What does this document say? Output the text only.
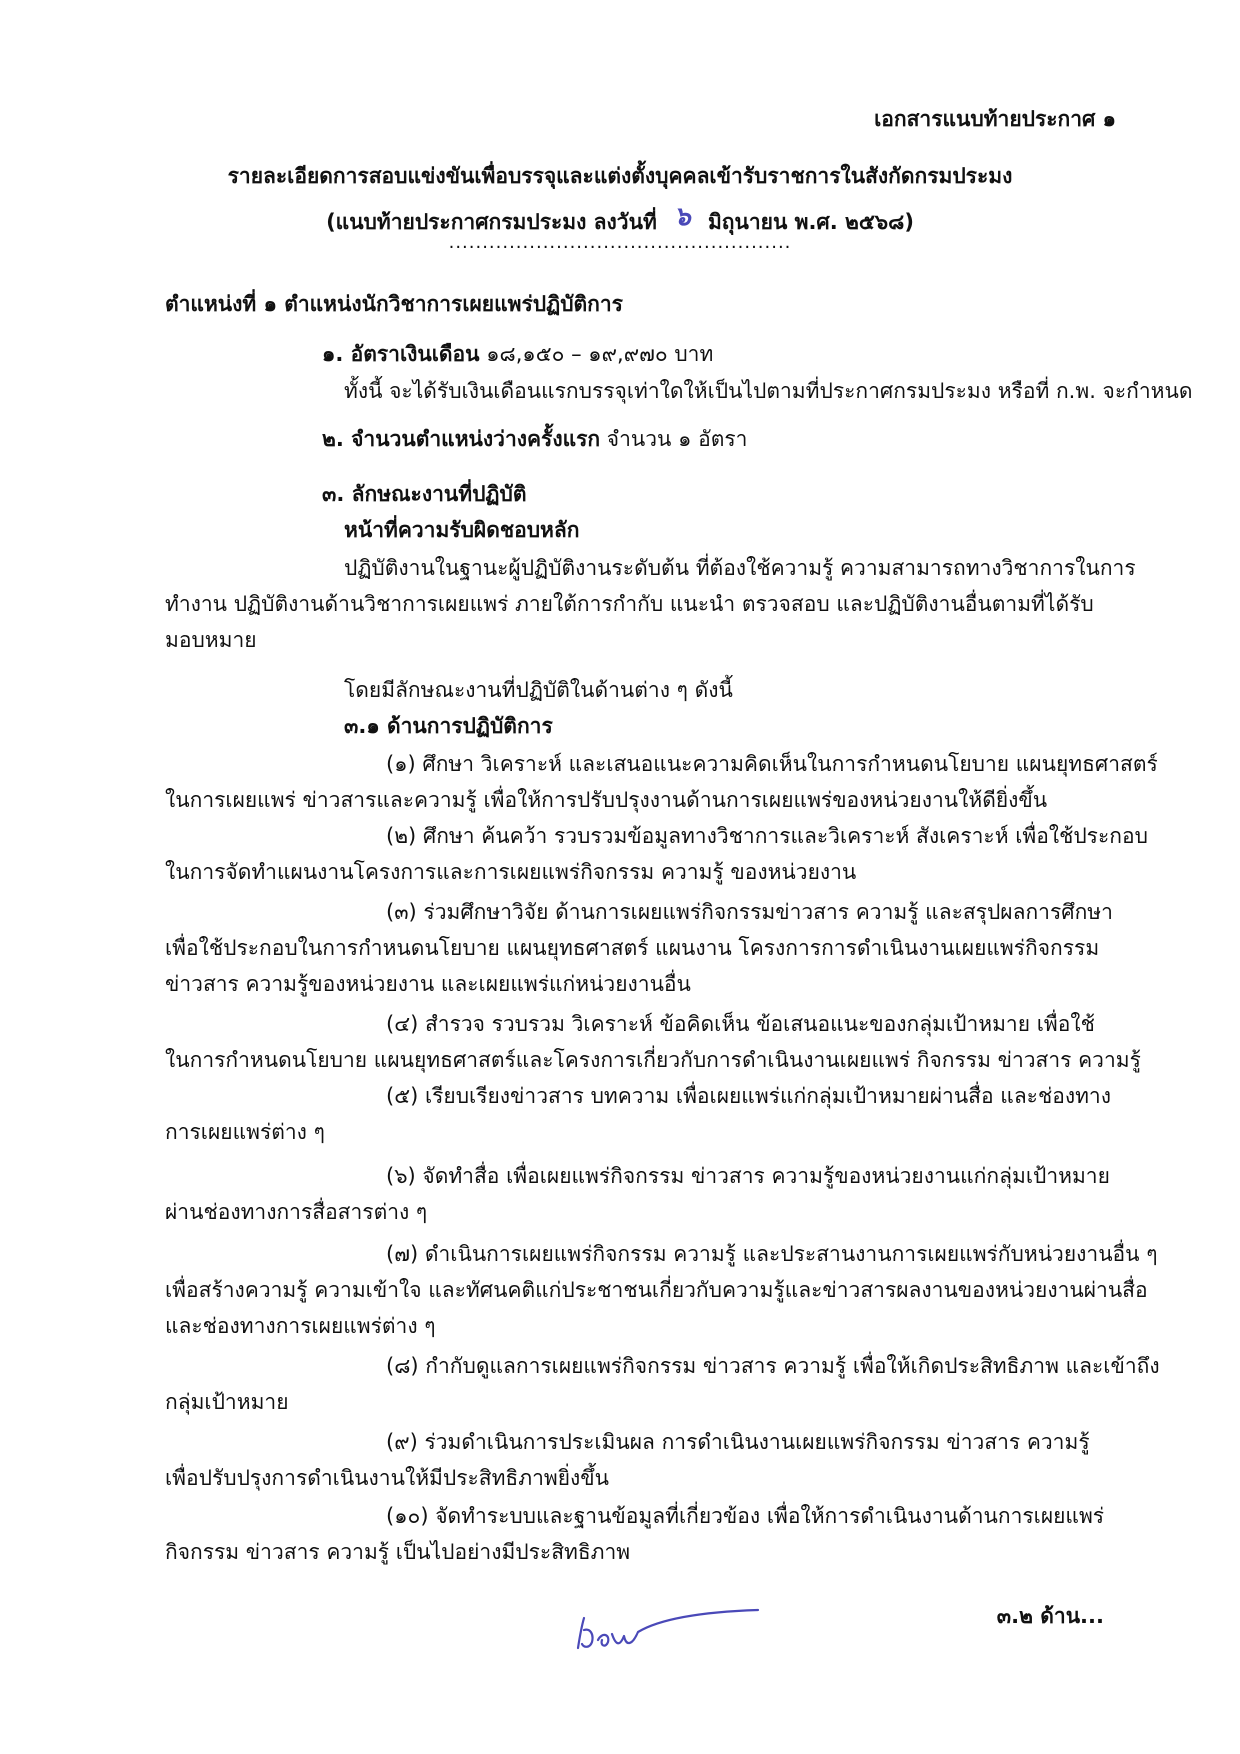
เอกสารแนบท้ายประกาศ ๑
รายละเอียดการสอบแข่งขันเพื่อบรรจุและแต่งตั้งบุคคลเข้ารับราชการในสังกัดกรมประมง
(แนบท้ายประกาศกรมประมง ลงวันที่ ๖ มิถุนายน พ.ศ. ๒๕๖๘)
...................................................
ตำแหน่งที่ ๑ ตำแหน่งนักวิชาการเผยแพร่ปฏิบัติการ
๑. อัตราเงินเดือน ๑๘,๑๕๐ – ๑๙,๙๗๐ บาท
ทั้งนี้ จะได้รับเงินเดือนแรกบรรจุเท่าใดให้เป็นไปตามที่ประกาศกรมประมง หรือที่ ก.พ. จะกำหนด
๒. จำนวนตำแหน่งว่างครั้งแรก จำนวน ๑ อัตรา
๓. ลักษณะงานที่ปฏิบัติ
หน้าที่ความรับผิดชอบหลัก
ปฏิบัติงานในฐานะผู้ปฏิบัติงานระดับต้น ที่ต้องใช้ความรู้ ความสามารถทางวิชาการในการ
ทำงาน ปฏิบัติงานด้านวิชาการเผยแพร่ ภายใต้การกำกับ แนะนำ ตรวจสอบ และปฏิบัติงานอื่นตามที่ได้รับ
มอบหมาย
โดยมีลักษณะงานที่ปฏิบัติในด้านต่าง ๆ ดังนี้
๓.๑ ด้านการปฏิบัติการ
(๑) ศึกษา วิเคราะห์ และเสนอแนะความคิดเห็นในการกำหนดนโยบาย แผนยุทธศาสตร์
ในการเผยแพร่ ข่าวสารและความรู้ เพื่อให้การปรับปรุงงานด้านการเผยแพร่ของหน่วยงานให้ดียิ่งขึ้น
(๒) ศึกษา ค้นคว้า รวบรวมข้อมูลทางวิชาการและวิเคราะห์ สังเคราะห์ เพื่อใช้ประกอบ
ในการจัดทำแผนงานโครงการและการเผยแพร่กิจกรรม ความรู้ ของหน่วยงาน
(๓) ร่วมศึกษาวิจัย ด้านการเผยแพร่กิจกรรมข่าวสาร ความรู้ และสรุปผลการศึกษา
เพื่อใช้ประกอบในการกำหนดนโยบาย แผนยุทธศาสตร์ แผนงาน โครงการการดำเนินงานเผยแพร่กิจกรรม
ข่าวสาร ความรู้ของหน่วยงาน และเผยแพร่แก่หน่วยงานอื่น
(๔) สำรวจ รวบรวม วิเคราะห์ ข้อคิดเห็น ข้อเสนอแนะของกลุ่มเป้าหมาย เพื่อใช้
ในการกำหนดนโยบาย แผนยุทธศาสตร์และโครงการเกี่ยวกับการดำเนินงานเผยแพร่ กิจกรรม ข่าวสาร ความรู้
(๕) เรียบเรียงข่าวสาร บทความ เพื่อเผยแพร่แก่กลุ่มเป้าหมายผ่านสื่อ และช่องทาง
การเผยแพร่ต่าง ๆ
(๖) จัดทำสื่อ เพื่อเผยแพร่กิจกรรม ข่าวสาร ความรู้ของหน่วยงานแก่กลุ่มเป้าหมาย
ผ่านช่องทางการสื่อสารต่าง ๆ
(๗) ดำเนินการเผยแพร่กิจกรรม ความรู้ และประสานงานการเผยแพร่กับหน่วยงานอื่น ๆ
เพื่อสร้างความรู้ ความเข้าใจ และทัศนคติแก่ประชาชนเกี่ยวกับความรู้และข่าวสารผลงานของหน่วยงานผ่านสื่อ
และช่องทางการเผยแพร่ต่าง ๆ
(๘) กำกับดูแลการเผยแพร่กิจกรรม ข่าวสาร ความรู้ เพื่อให้เกิดประสิทธิภาพ และเข้าถึง
กลุ่มเป้าหมาย
(๙) ร่วมดำเนินการประเมินผล การดำเนินงานเผยแพร่กิจกรรม ข่าวสาร ความรู้
เพื่อปรับปรุงการดำเนินงานให้มีประสิทธิภาพยิ่งขึ้น
(๑๐) จัดทำระบบและฐานข้อมูลที่เกี่ยวข้อง เพื่อให้การดำเนินงานด้านการเผยแพร่
กิจกรรม ข่าวสาร ความรู้ เป็นไปอย่างมีประสิทธิภาพ
๓.๒ ด้าน...
